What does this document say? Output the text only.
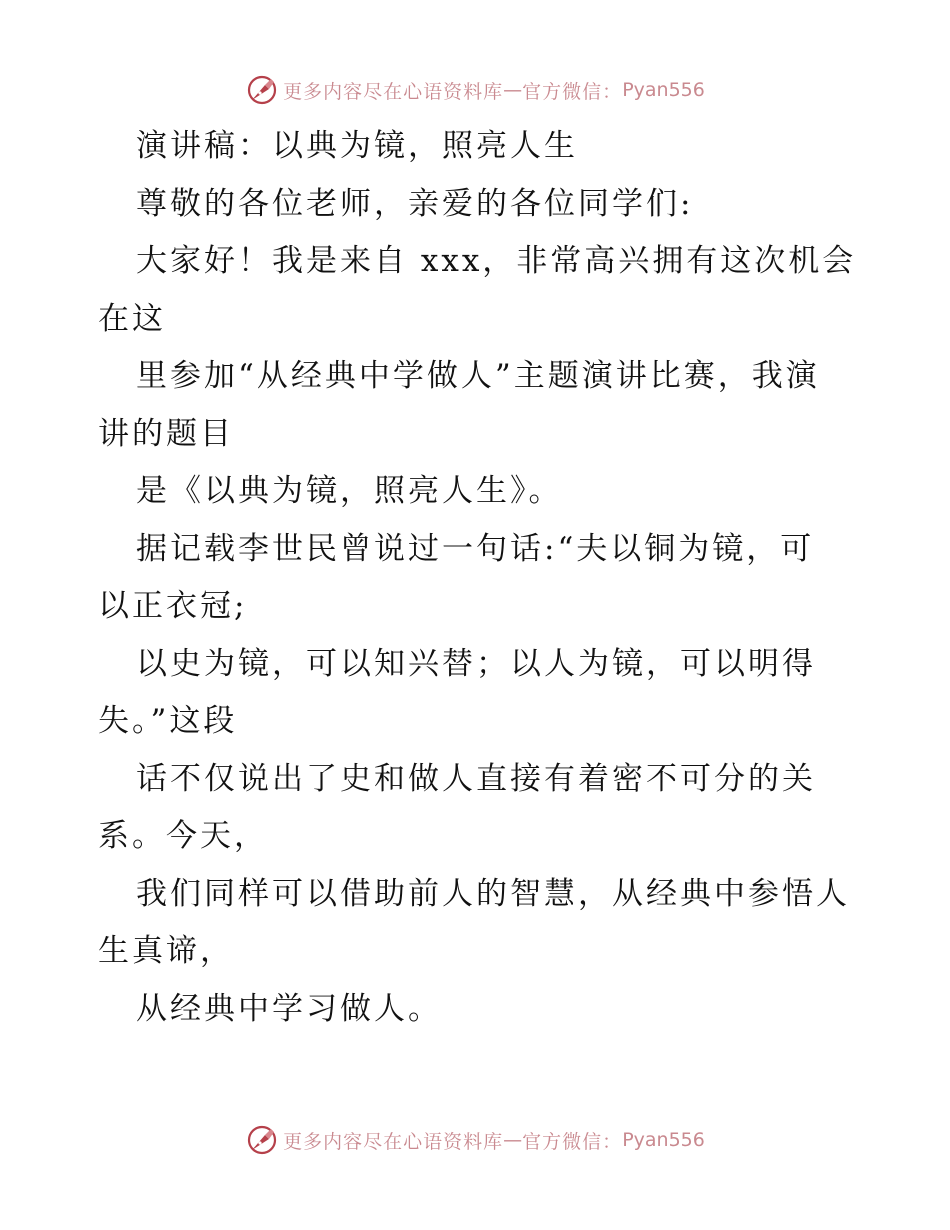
更多内容尽在心语资料库 — 官方微信： Pyan556
演讲稿：以典为镜，照亮人生
尊敬的各位老师，亲爱的各位同学们:
大家好！我是来自 xxx，非常高兴拥有这次机会
在这
里参加“从经典中学做人”主题演讲比赛，我演
讲的题目
是《以典为镜，照亮人生》。
据记载李世民曾说过一句话:“夫以铜为镜，可
以正衣冠;
以史为镜，可以知兴替；以人为镜，可以明得
失。”这段
话不仅说出了史和做人直接有着密不可分的关
系。今天，
我们同样可以借助前人的智慧，从经典中参悟人
生真谛，
从经典中学习做人。
更多内容尽在心语资料库 — 官方微信： Pyan556
